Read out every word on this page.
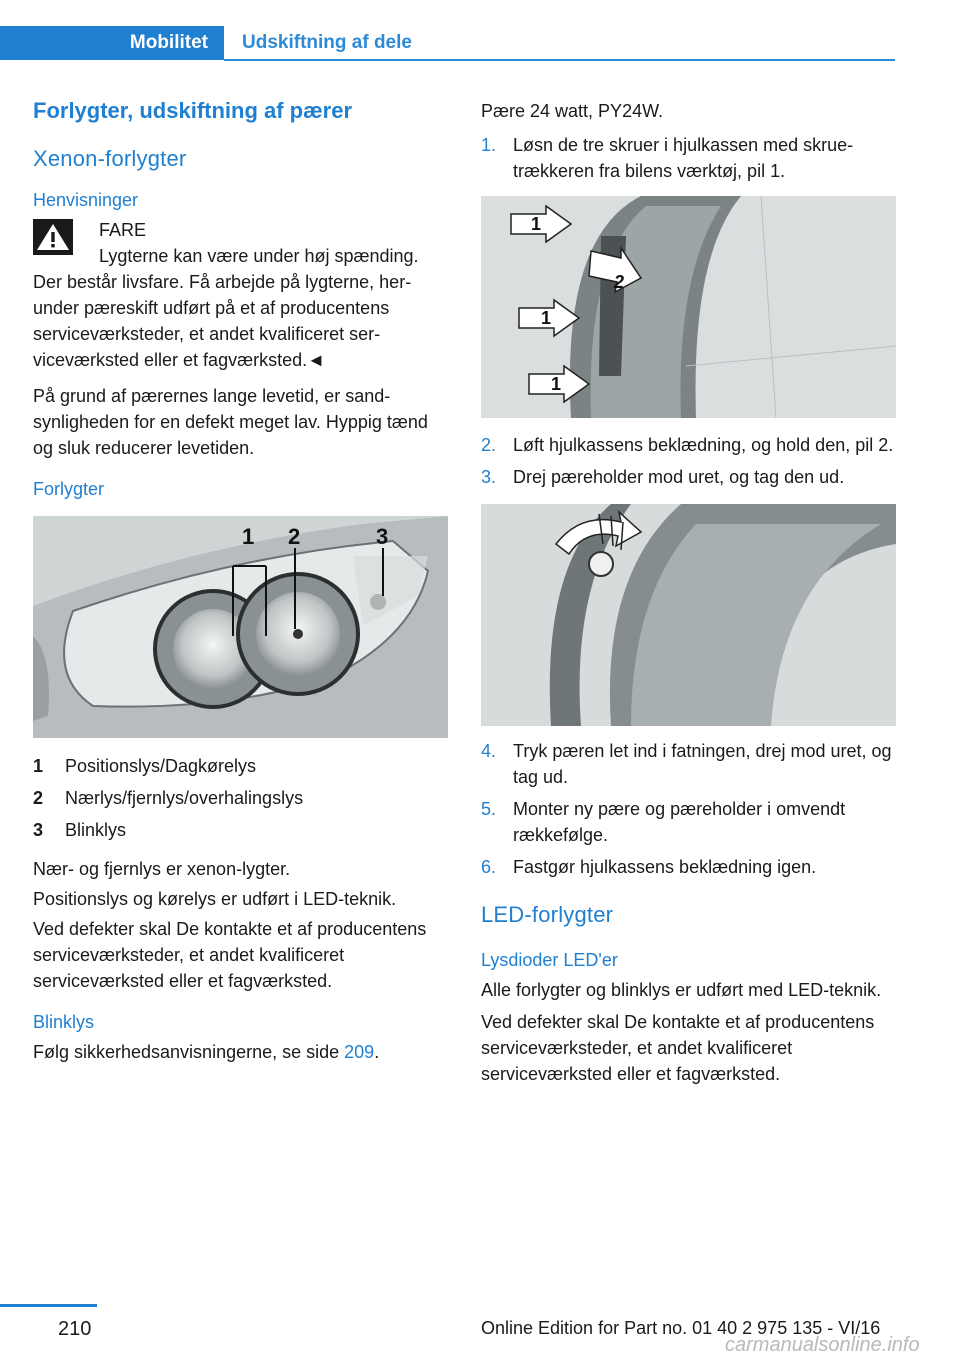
Mobilitet	Udskiftning af dele
Forlygter, udskiftning af pærer
Xenon-forlygter
Henvisninger
FARE
Lygterne kan være under høj spænding.
Der består livsfare. Få arbejde på lygterne, herunder pæreskift udført på et af producentens serviceværksteder, et andet kvalificeret serviceværksted eller et fagværksted.◄

På grund af pærernes lange levetid, er sandsynligheden for en defekt meget lav. Hyppig tænd og sluk reducerer levetiden.

Forlygter
1 2	3
1	Positionslys/Dagkørelys
2	Nærlys/fjernlys/overhalingslys
3	Blinklys

Nær- og fjernlys er xenon-lygter.

Positionslys og kørelys er udført i LED-teknik.

Ved defekter skal De kontakte et af producentens serviceværksteder, et andet kvalificeret serviceværksted eller et fagværksted.

Blinklys

Følg sikkerhedsanvisningerne, se side 209.

Pære 24 watt, PY24W.

1. Løsn de tre skruer i hjulkassen med skruetrækkeren fra bilens værktøj, pil 1.
1
2
1
1
2. Løft hjulkassens beklædning, og hold den, pil 2.
3. Drej pæreholder mod uret, og tag den ud.
4. Tryk pæren let ind i fatningen, drej mod uret, og tag ud.
5. Monter ny pære og pæreholder i omvendt rækkefølge.
6. Fastgør hjulkassens beklædning igen.
LED-forlygter
Lysdioder LED'er

Alle forlygter og blinklys er udført med LED-teknik.

Ved defekter skal De kontakte et af producentens serviceværksteder, et andet kvalificeret serviceværksted eller et fagværksted.

210	Online Edition for Part no. 01 40 2 975 135 - VI/16
carmanualsonline.info
